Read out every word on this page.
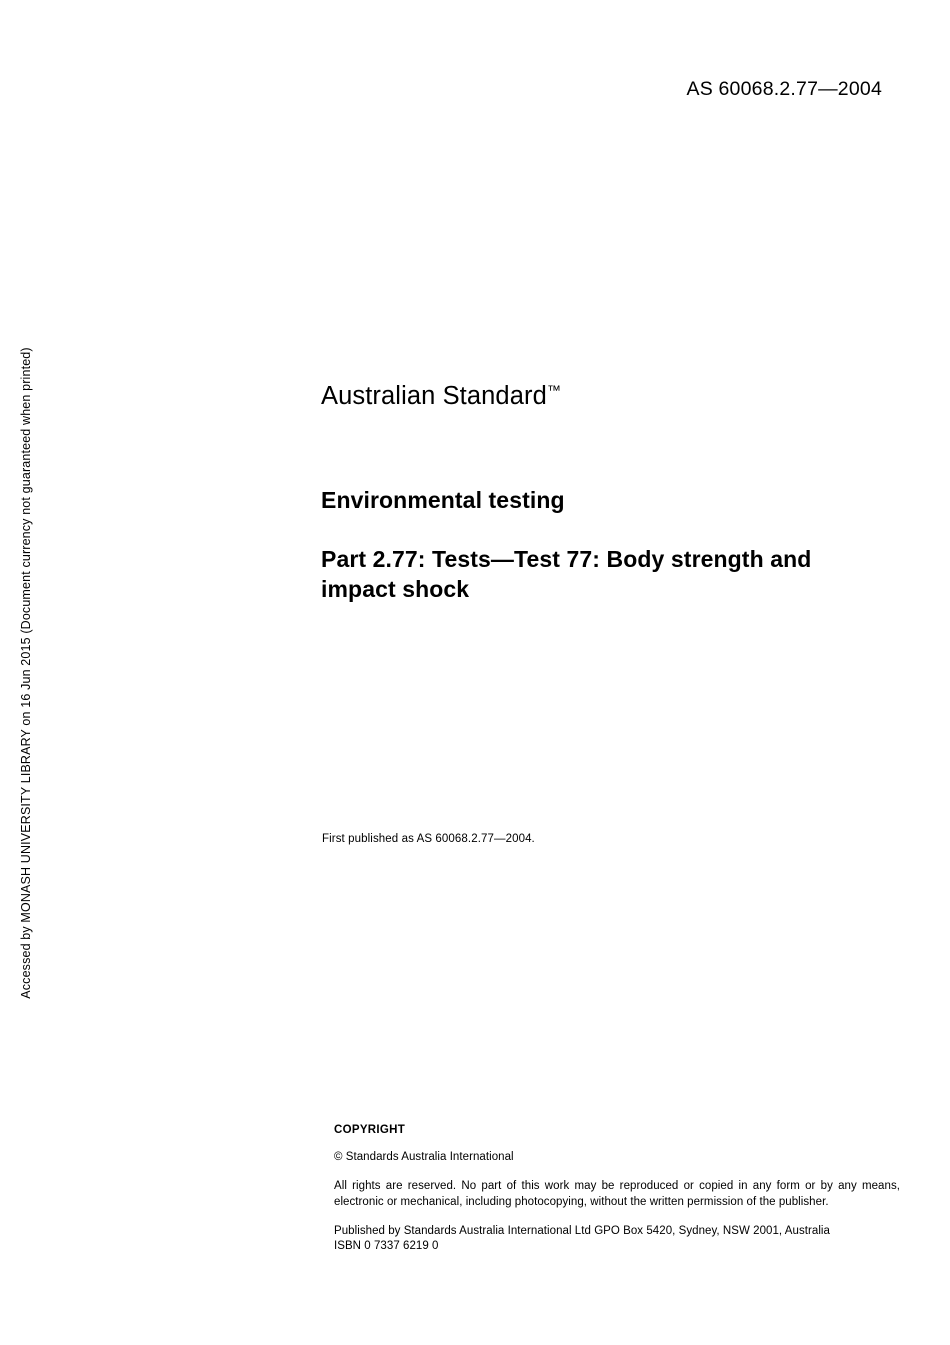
Accessed by MONASH UNIVERSITY LIBRARY on 16 Jun 2015 (Document currency not guaranteed when printed)
AS 60068.2.77—2004
Australian Standard™
Environmental testing
Part 2.77: Tests—Test 77: Body strength and impact shock
First published as AS 60068.2.77—2004.

COPYRIGHT

© Standards Australia International

All rights are reserved. No part of this work may be reproduced or copied in any form or by any means, electronic or mechanical, including photocopying, without the written permission of the publisher.

Published by Standards Australia International Ltd GPO Box 5420, Sydney, NSW 2001, Australia

ISBN 0 7337 6219 0
